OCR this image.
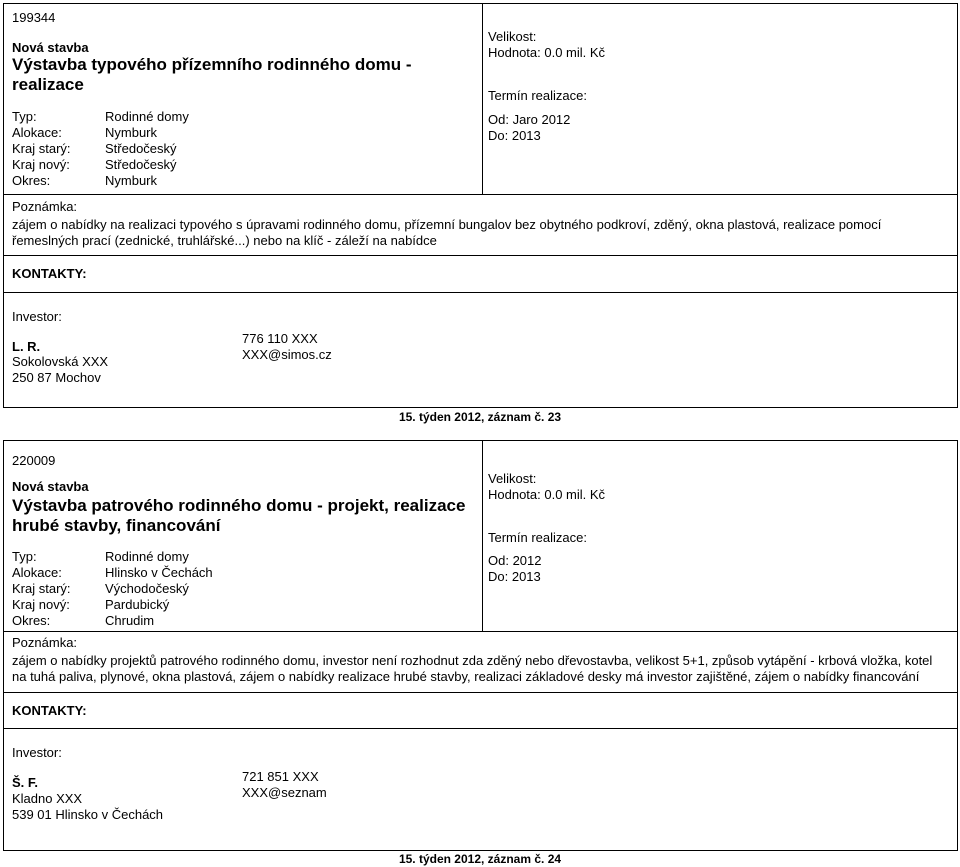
199344
Nová stavba
Výstavba typového přízemního rodinného domu - realizace
Typ:
Alokace:
Kraj starý:
Kraj nový:
Okres:
Rodinné domy
Nymburk
Středočeský
Středočeský
Nymburk
Velikost:
Hodnota: 0.0 mil. Kč
Termín realizace:
Od: Jaro 2012
Do: 2013
Poznámka:
zájem o nabídky na realizaci typového s úpravami rodinného domu, přízemní bungalov bez obytného podkroví, zděný, okna plastová, realizace pomocí řemeslných prací (zednické, truhlářské...) nebo na klíč - záleží na nabídce
KONTAKTY:
Investor:
L. R.
Sokolovská XXX
250 87 Mochov
776 110 XXX
XXX@simos.cz
15. týden 2012, záznam č. 23
220009
Nová stavba
Výstavba patrového rodinného domu - projekt, realizace hrubé stavby, financování
Typ:
Alokace:
Kraj starý:
Kraj nový:
Okres:
Rodinné domy
Hlinsko v Čechách
Východočeský
Pardubický
Chrudim
Velikost:
Hodnota: 0.0 mil. Kč
Termín realizace:
Od: 2012
Do: 2013
Poznámka:
zájem o nabídky projektů patrového rodinného domu, investor není rozhodnut zda zděný nebo dřevostavba, velikost 5+1, způsob vytápění - krbová vložka, kotel na tuhá paliva, plynové, okna plastová, zájem o nabídky realizace hrubé stavby, realizaci základové desky má investor zajištěné, zájem o nabídky financování
KONTAKTY:
Investor:
Š. F.
Kladno XXX
539 01 Hlinsko v Čechách
721 851 XXX
XXX@seznam
15. týden 2012, záznam č. 24
